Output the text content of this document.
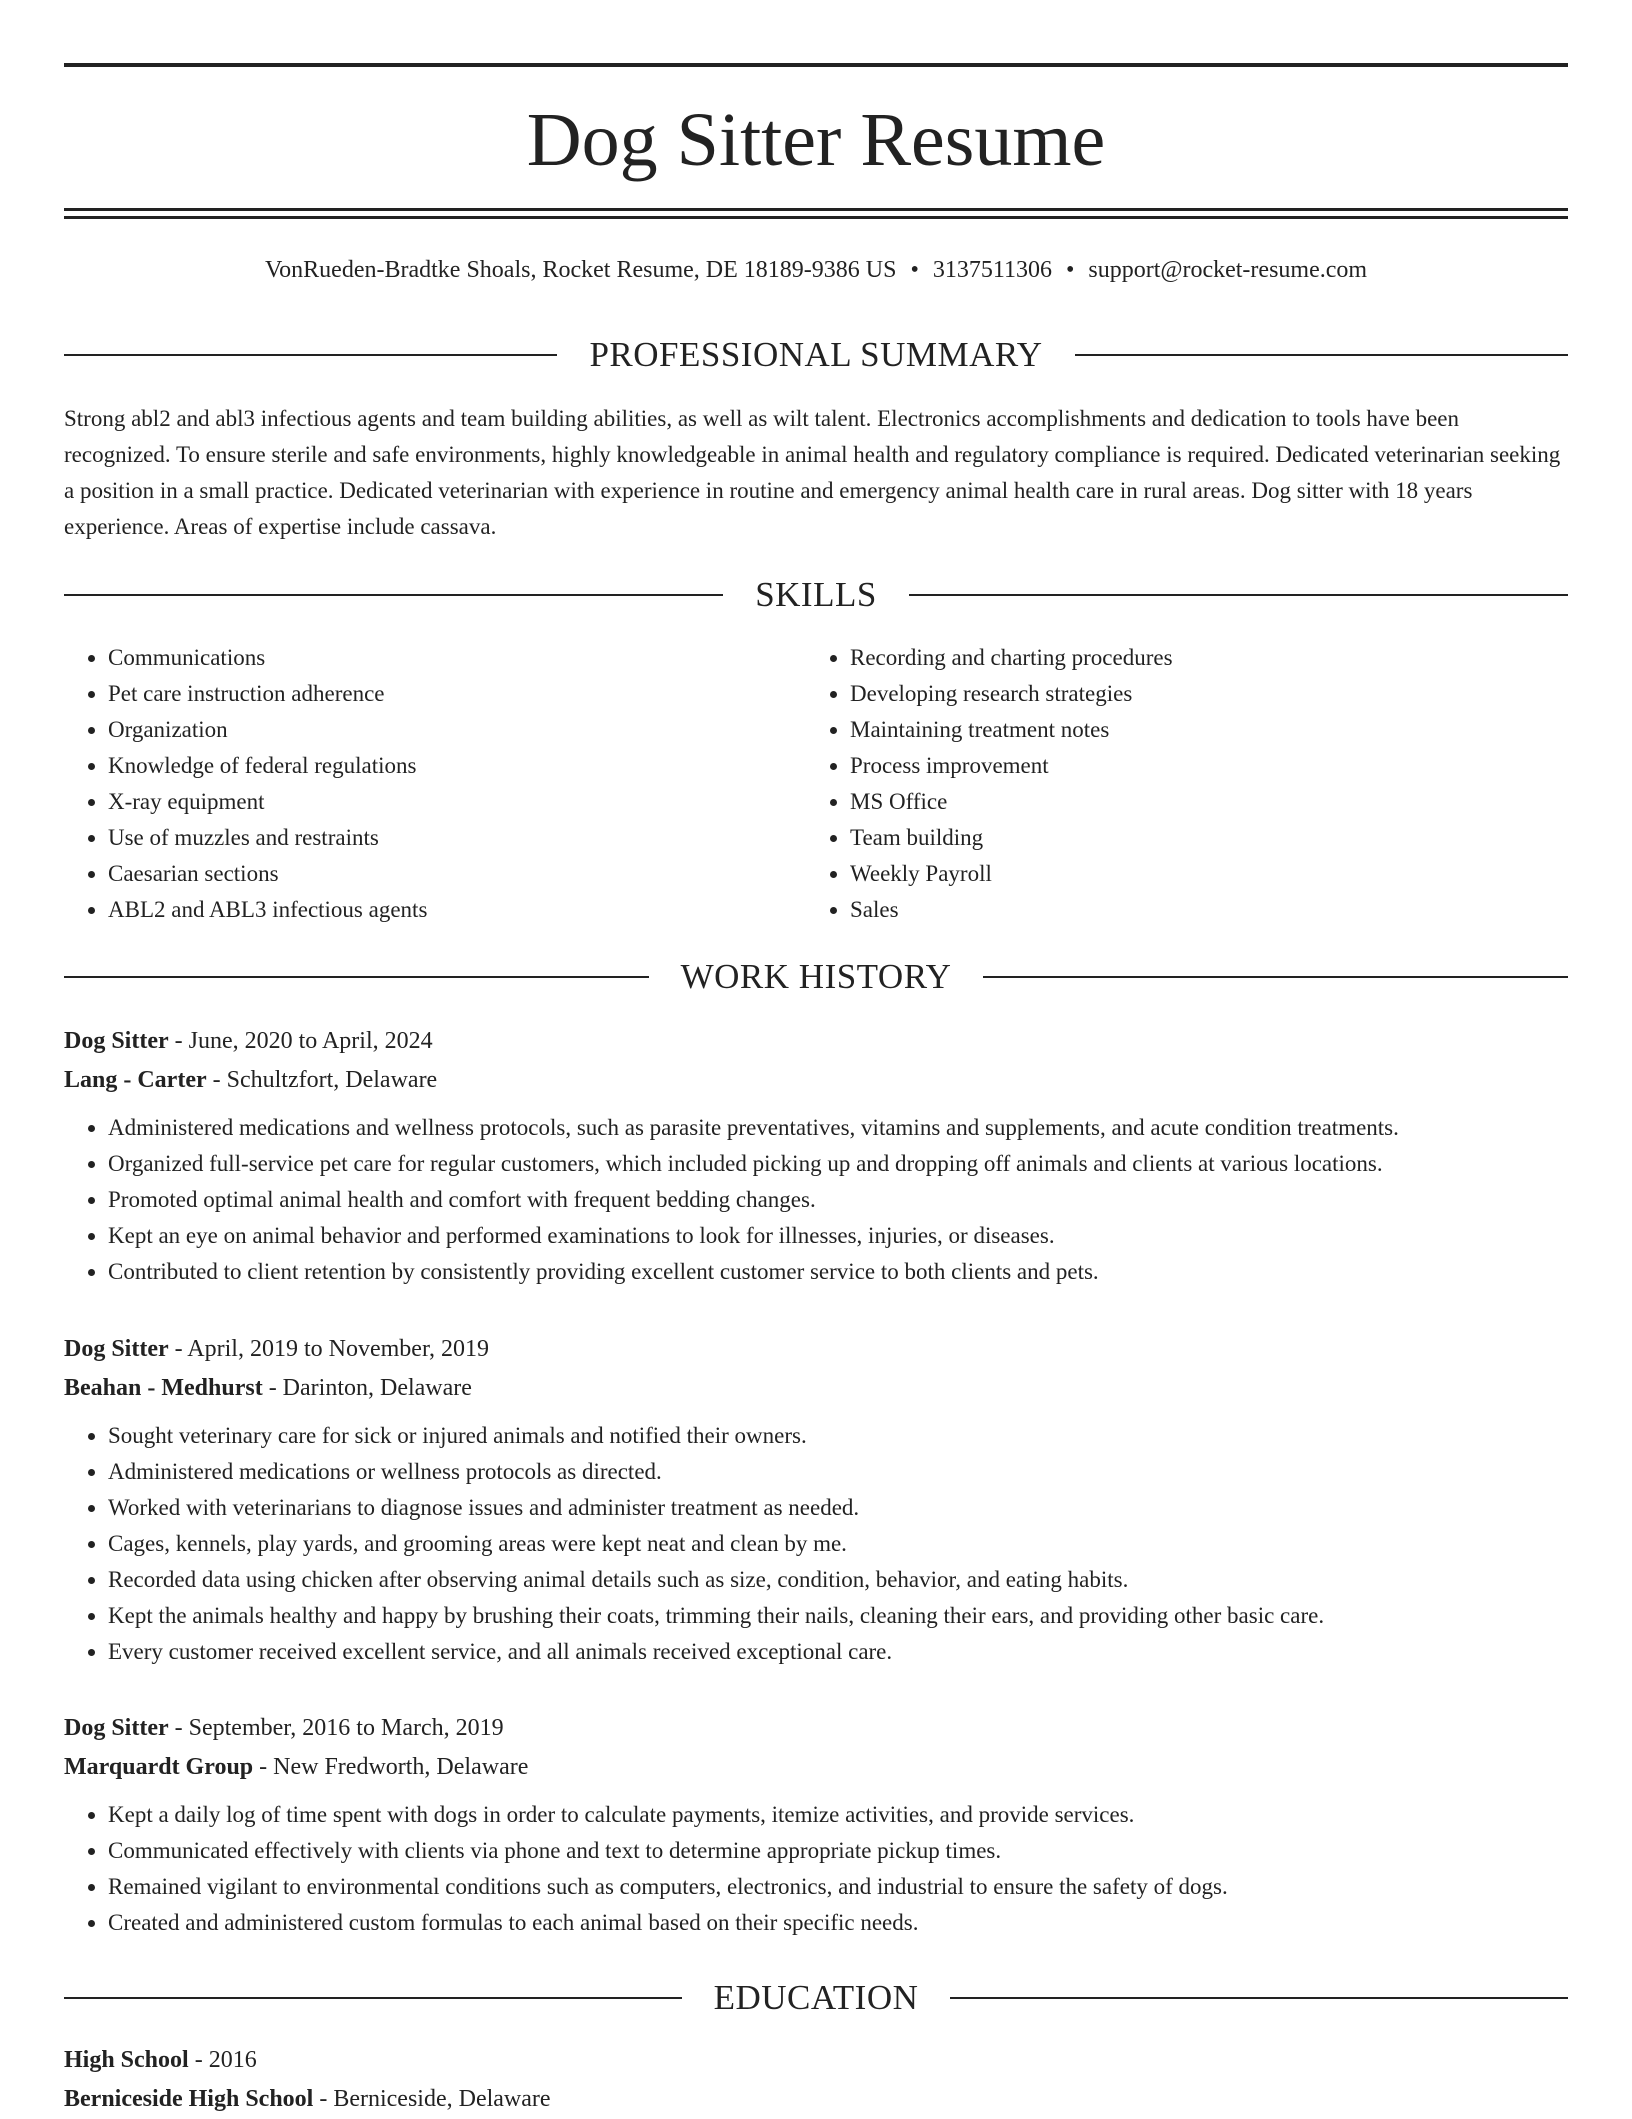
Dog Sitter Resume
VonRueden-Bradtke Shoals, Rocket Resume, DE 18189-9386 US • 3137511306 • support@rocket-resume.com
PROFESSIONAL SUMMARY

Strong abl2 and abl3 infectious agents and team building abilities, as well as wilt talent. Electronics accomplishments and dedication to tools have been recognized. To ensure sterile and safe environments, highly knowledgeable in animal health and regulatory compliance is required. Dedicated veterinarian seeking a position in a small practice. Dedicated veterinarian with experience in routine and emergency animal health care in rural areas. Dog sitter with 18 years experience. Areas of expertise include cassava.

SKILLS
• Communications
• Pet care instruction adherence
• Organization
• Knowledge of federal regulations
• X-ray equipment
• Use of muzzles and restraints
• Caesarian sections
• ABL2 and ABL3 infectious agents
• Recording and charting procedures
• Developing research strategies
• Maintaining treatment notes
• Process improvement
• MS Office
• Team building
• Weekly Payroll
• Sales
WORK HISTORY
Dog Sitter - June, 2020 to April, 2024
Lang - Carter - Schultzfort, Delaware
• Administered medications and wellness protocols, such as parasite preventatives, vitamins and supplements, and acute condition treatments.
• Organized full-service pet care for regular customers, which included picking up and dropping off animals and clients at various locations.
• Promoted optimal animal health and comfort with frequent bedding changes.
• Kept an eye on animal behavior and performed examinations to look for illnesses, injuries, or diseases.
• Contributed to client retention by consistently providing excellent customer service to both clients and pets.
Dog Sitter - April, 2019 to November, 2019
Beahan - Medhurst - Darinton, Delaware
• Sought veterinary care for sick or injured animals and notified their owners.
• Administered medications or wellness protocols as directed.
• Worked with veterinarians to diagnose issues and administer treatment as needed.
• Cages, kennels, play yards, and grooming areas were kept neat and clean by me.
• Recorded data using chicken after observing animal details such as size, condition, behavior, and eating habits.
• Kept the animals healthy and happy by brushing their coats, trimming their nails, cleaning their ears, and providing other basic care.
• Every customer received excellent service, and all animals received exceptional care.
Dog Sitter - September, 2016 to March, 2019
Marquardt Group - New Fredworth, Delaware
• Kept a daily log of time spent with dogs in order to calculate payments, itemize activities, and provide services.
• Communicated effectively with clients via phone and text to determine appropriate pickup times.
• Remained vigilant to environmental conditions such as computers, electronics, and industrial to ensure the safety of dogs.
• Created and administered custom formulas to each animal based on their specific needs.
EDUCATION
High School - 2016
Berniceside High School - Berniceside, Delaware
